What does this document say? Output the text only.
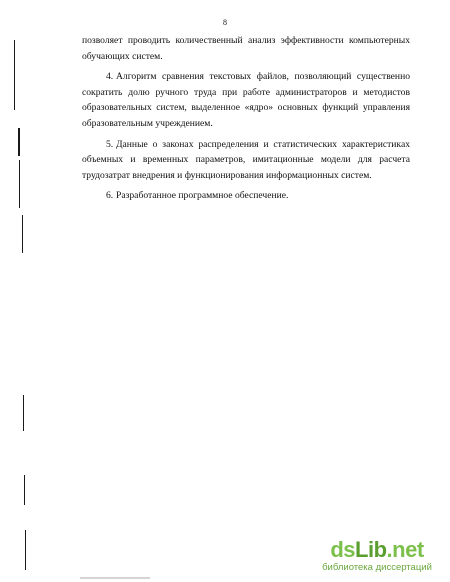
8

позволяет проводить количественный анализ эффективности компьютерных обучающих систем.

4. Алгоритм сравнения текстовых файлов, позволяющий существенно сократить долю ручного труда при работе администраторов и методистов образовательных систем, выделенное «ядро» основных функций управления образовательным учреждением.

5. Данные о законах распределения и статистических характеристиках объемных и временных параметров, имитационные модели для расчета трудозатрат внедрения и функционирования информационных систем.

6. Разработанное программное обеспечение.

dsLib.net
библиотека диссертаций
